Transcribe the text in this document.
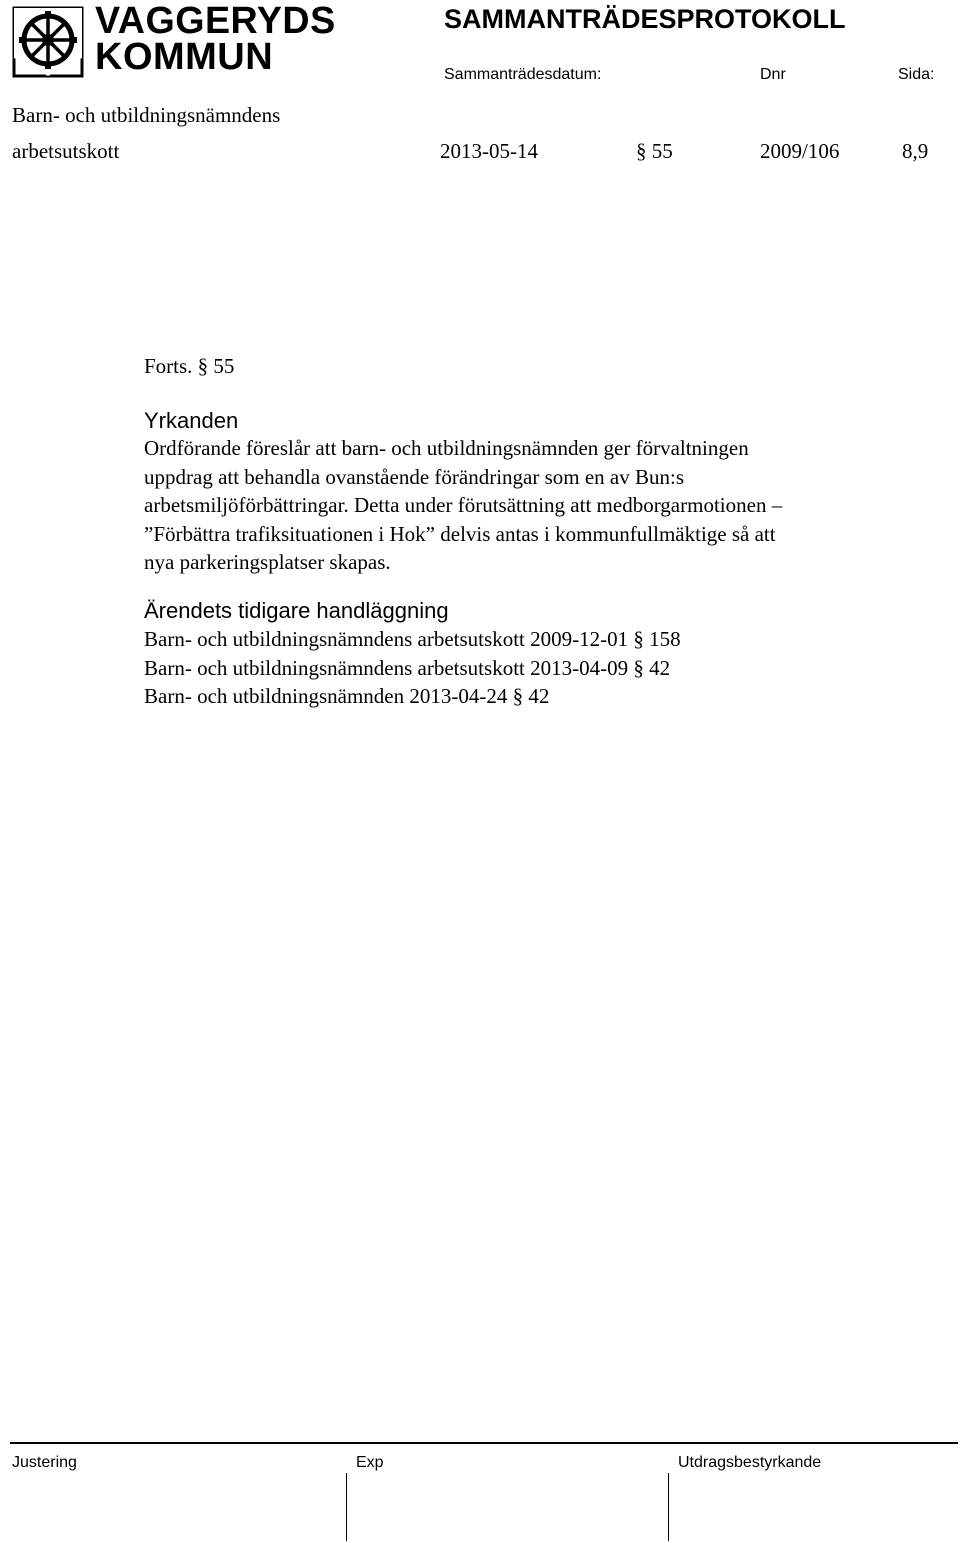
VAGGERYDS
KOMMUN
SAMMANTRÄDESPROTOKOLL
Sammanträdesdatum:	Dnr	Sida:
Barn- och utbildningsnämndens
arbetsutskott	2013-05-14	§ 55	2009/106	8,9
Forts. § 55
Yrkanden
Ordförande föreslår att barn- och utbildningsnämnden ger förvaltningen
uppdrag att behandla ovanstående förändringar som en av Bun:s
arbetsmiljöförbättringar. Detta under förutsättning att medborgarmotionen –
”Förbättra trafiksituationen i Hok” delvis antas i kommunfullmäktige så att
nya parkeringsplatser skapas.
Ärendets tidigare handläggning
Barn- och utbildningsnämndens arbetsutskott 2009-12-01 § 158
Barn- och utbildningsnämndens arbetsutskott 2013-04-09 § 42
Barn- och utbildningsnämnden 2013-04-24 § 42
Justering	Exp	Utdragsbestyrkande
